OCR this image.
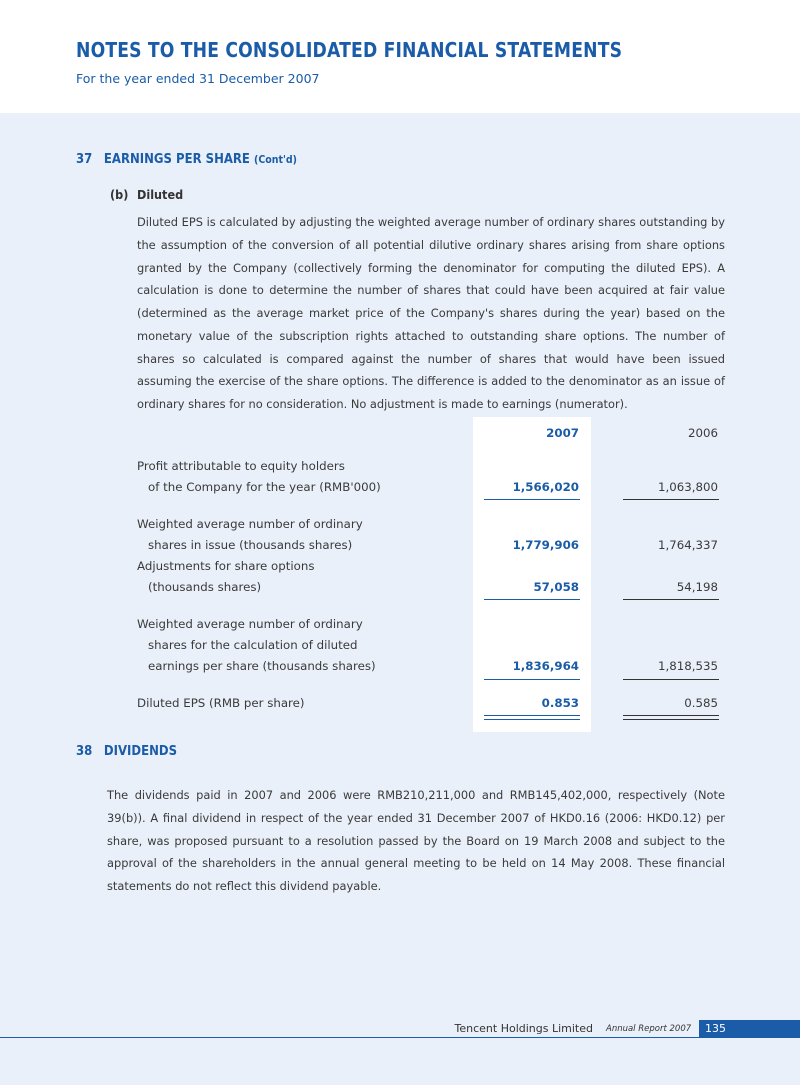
NOTES TO THE CONSOLIDATED FINANCIAL STATEMENTS
For the year ended 31 December 2007
37 EARNINGS PER SHARE (Cont'd)
(b) Diluted
Diluted EPS is calculated by adjusting the weighted average number of ordinary shares outstanding by the assumption of the conversion of all potential dilutive ordinary shares arising from share options granted by the Company (collectively forming the denominator for computing the diluted EPS). A calculation is done to determine the number of shares that could have been acquired at fair value (determined as the average market price of the Company's shares during the year) based on the monetary value of the subscription rights attached to outstanding share options. The number of shares so calculated is compared against the number of shares that would have been issued assuming the exercise of the share options. The difference is added to the denominator as an issue of ordinary shares for no consideration. No adjustment is made to earnings (numerator).
2007	2006
Profit attributable to equity holders
of the Company for the year (RMB'000)	1,566,020	1,063,800
Weighted average number of ordinary
shares in issue (thousands shares)	1,779,906	1,764,337
Adjustments for share options
(thousands shares)	57,058	54,198
Weighted average number of ordinary
shares for the calculation of diluted
earnings per share (thousands shares)	1,836,964	1,818,535
Diluted EPS (RMB per share)	0.853	0.585
38 DIVIDENDS
The dividends paid in 2007 and 2006 were RMB210,211,000 and RMB145,402,000, respectively (Note 39(b)). A final dividend in respect of the year ended 31 December 2007 of HKD0.16 (2006: HKD0.12) per share, was proposed pursuant to a resolution passed by the Board on 19 March 2008 and subject to the approval of the shareholders in the annual general meeting to be held on 14 May 2008. These financial statements do not reflect this dividend payable.
Tencent Holdings Limited Annual Report 2007	135
